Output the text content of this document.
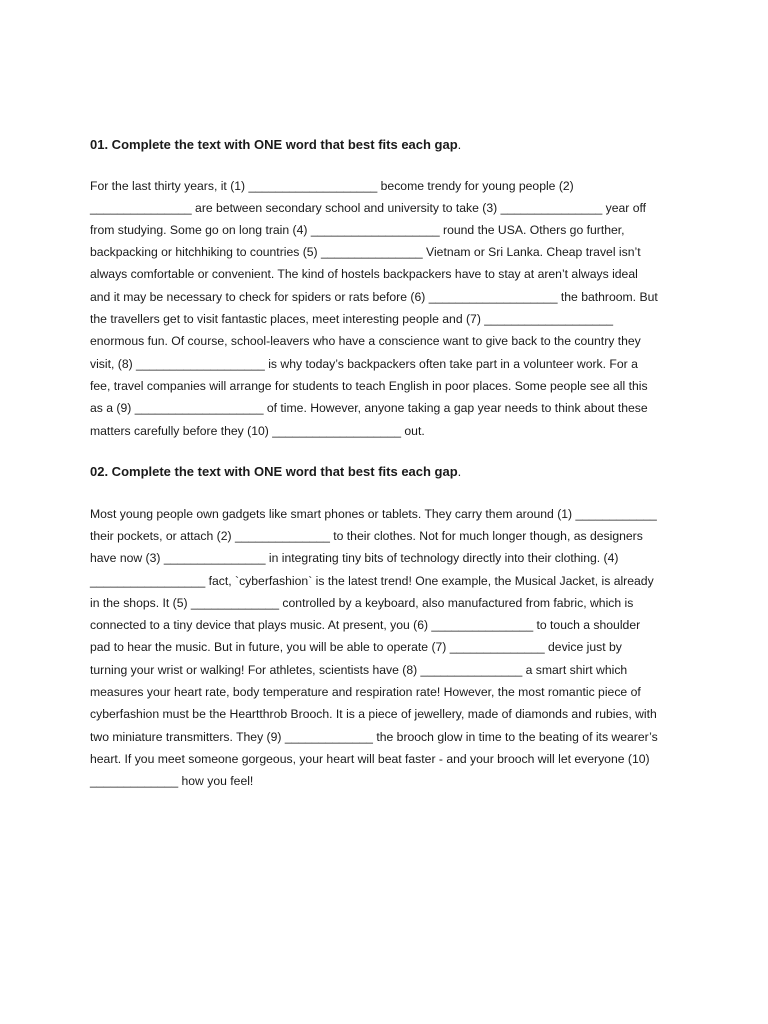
01. Complete the text with ONE word that best fits each gap.

For the last thirty years, it (1) ___________________ become trendy for young people (2)

_______________ are between secondary school and university to take (3) _______________ year off

from studying. Some go on long train (4) ___________________ round the USA. Others go further,

backpacking or hitchhiking to countries (5) _______________ Vietnam or Sri Lanka. Cheap travel isn’t

always comfortable or convenient. The kind of hostels backpackers have to stay at aren’t always ideal

and it may be necessary to check for spiders or rats before (6) ___________________ the bathroom. But

the travellers get to visit fantastic places, meet interesting people and (7) ___________________

enormous fun. Of course, school-leavers who have a conscience want to give back to the country they

visit, (8) ___________________ is why today’s backpackers often take part in a volunteer work. For a

fee, travel companies will arrange for students to teach English in poor places. Some people see all this

as a (9) ___________________ of time. However, anyone taking a gap year needs to think about these

matters carefully before they (10) ___________________ out.

02. Complete the text with ONE word that best fits each gap.

Most young people own gadgets like smart phones or tablets. They carry them around (1) ____________

their pockets, or attach (2) ______________ to their clothes. Not for much longer though, as designers

have now (3) _______________ in integrating tiny bits of technology directly into their clothing. (4)

_________________ fact, `cyberfashion` is the latest trend! One example, the Musical Jacket, is already

in the shops. It (5) _____________ controlled by a keyboard, also manufactured from fabric, which is

connected to a tiny device that plays music. At present, you (6) _______________ to touch a shoulder

pad to hear the music. But in future, you will be able to operate (7) ______________ device just by

turning your wrist or walking! For athletes, scientists have (8) _______________ a smart shirt which

measures your heart rate, body temperature and respiration rate! However, the most romantic piece of

cyberfashion must be the Heartthrob Brooch. It is a piece of jewellery, made of diamonds and rubies, with

two miniature transmitters. They (9) _____________ the brooch glow in time to the beating of its wearer’s

heart. If you meet someone gorgeous, your heart will beat faster - and your brooch will let everyone (10)

_____________ how you feel!
